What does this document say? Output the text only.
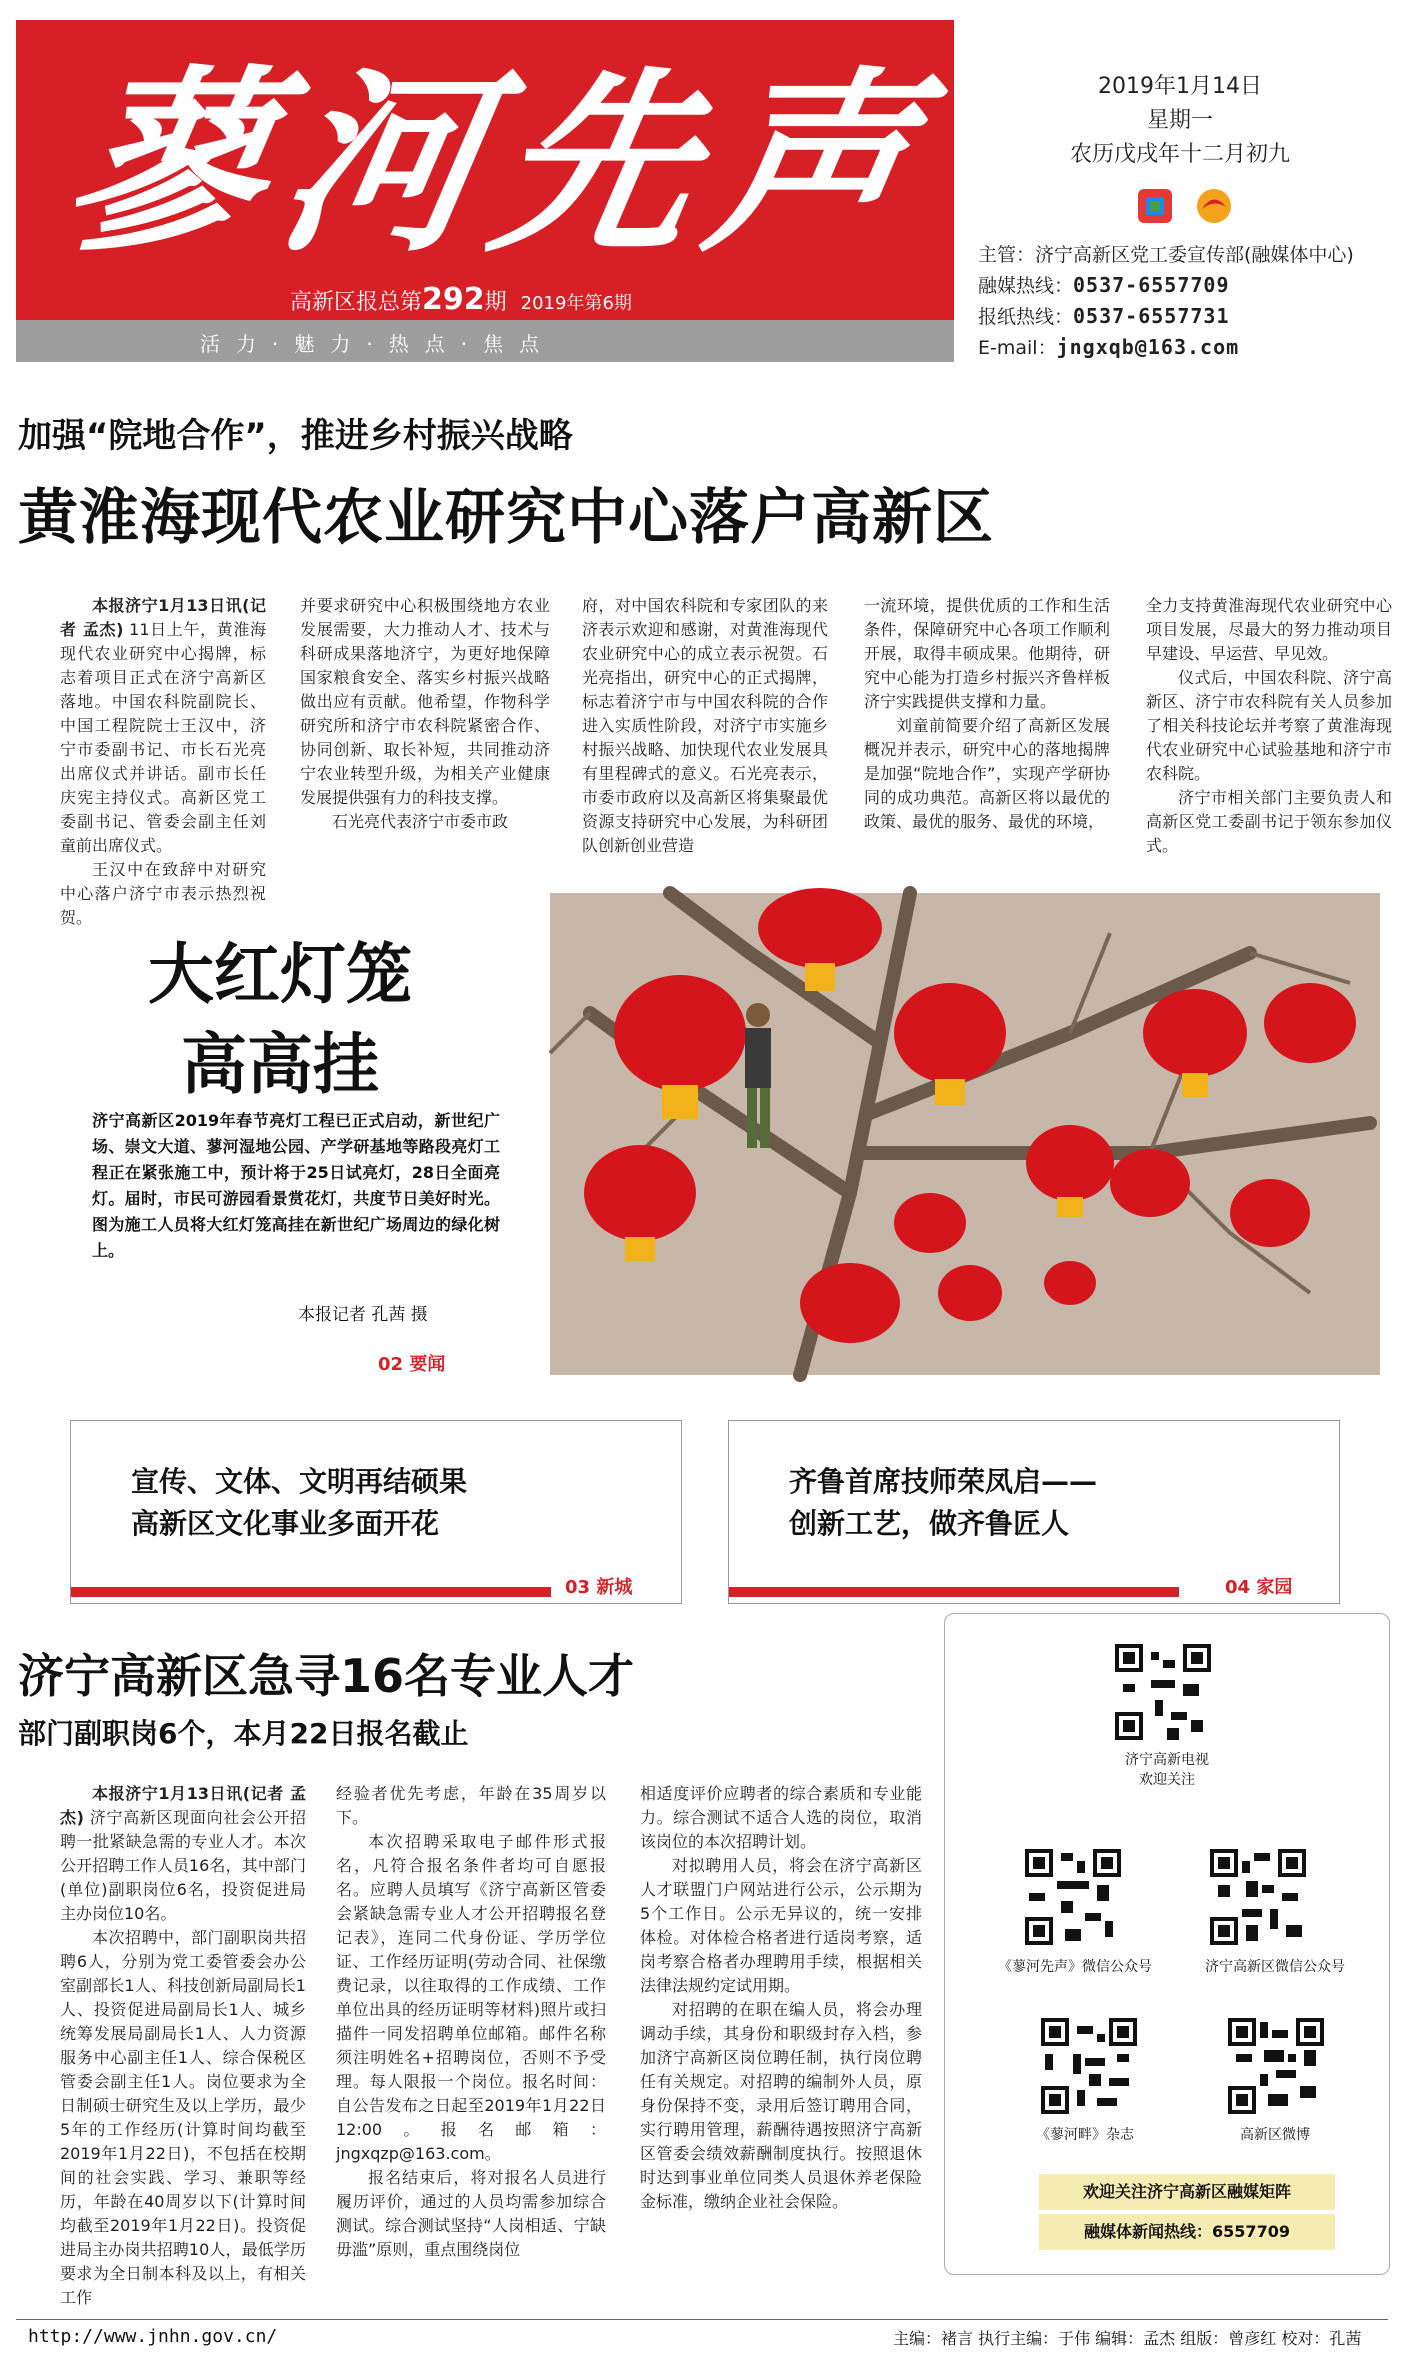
蓼河先声
高新区报总第292期 2019年第6期
活力·魅力·热点·焦点
2019年1月14日
星期一
农历戊戌年十二月初九
主管：济宁高新区党工委宣传部(融媒体中心)
融媒热线：0537-6557709
报纸热线：0537-6557731
E-mail：jngxqb@163.com
加强“院地合作”，推进乡村振兴战略
黄淮海现代农业研究中心落户高新区

本报济宁1月13日讯(记者 孟杰) 11日上午，黄淮海现代农业研究中心揭牌，标志着项目正式在济宁高新区落地。中国农科院副院长、中国工程院院士王汉中，济宁市委副书记、市长石光亮出席仪式并讲话。副市长任庆宪主持仪式。高新区党工委副书记、管委会副主任刘童前出席仪式。

王汉中在致辞中对研究中心落户济宁市表示热烈祝贺。

并要求研究中心积极围绕地方农业发展需要，大力推动人才、技术与科研成果落地济宁，为更好地保障国家粮食安全、落实乡村振兴战略做出应有贡献。他希望，作物科学研究所和济宁市农科院紧密合作、协同创新、取长补短，共同推动济宁农业转型升级，为相关产业健康发展提供强有力的科技支撑。

石光亮代表济宁市委市政

府，对中国农科院和专家团队的来济表示欢迎和感谢，对黄淮海现代农业研究中心的成立表示祝贺。石光亮指出，研究中心的正式揭牌，标志着济宁市与中国农科院的合作进入实质性阶段，对济宁市实施乡村振兴战略、加快现代农业发展具有里程碑式的意义。石光亮表示，市委市政府以及高新区将集聚最优资源支持研究中心发展，为科研团队创新创业营造

一流环境，提供优质的工作和生活条件，保障研究中心各项工作顺利开展，取得丰硕成果。他期待，研究中心能为打造乡村振兴齐鲁样板济宁实践提供支撑和力量。

刘童前简要介绍了高新区发展概况并表示，研究中心的落地揭牌是加强“院地合作”，实现产学研协同的成功典范。高新区将以最优的政策、最优的服务、最优的环境，

全力支持黄淮海现代农业研究中心项目发展，尽最大的努力推动项目早建设、早运营、早见效。

仪式后，中国农科院、济宁高新区、济宁市农科院有关人员参加了相关科技论坛并考察了黄淮海现代农业研究中心试验基地和济宁市农科院。

济宁市相关部门主要负责人和高新区党工委副书记于领东参加仪式。

大红灯笼
高高挂
济宁高新区2019年春节亮灯工程已正式启动，新世纪广场、崇文大道、蓼河湿地公园、产学研基地等路段亮灯工程正在紧张施工中，预计将于25日试亮灯，28日全面亮灯。届时，市民可游园看景赏花灯，共度节日美好时光。图为施工人员将大红灯笼高挂在新世纪广场周边的绿化树上。
本报记者 孔茜 摄
02 要闻
宣传、文体、文明再结硕果
高新区文化事业多面开花
03 新城
齐鲁首席技师荣凤启——
创新工艺，做齐鲁匠人
04 家园
济宁高新区急寻16名专业人才
部门副职岗6个，本月22日报名截止

本报济宁1月13日讯(记者 孟杰) 济宁高新区现面向社会公开招聘一批紧缺急需的专业人才。本次公开招聘工作人员16名，其中部门(单位)副职岗位6名，投资促进局主办岗位10名。

本次招聘中，部门副职岗共招聘6人，分别为党工委管委会办公室副部长1人、科技创新局副局长1人、投资促进局副局长1人、城乡统筹发展局副局长1人、人力资源服务中心副主任1人、综合保税区管委会副主任1人。岗位要求为全日制硕士研究生及以上学历，最少5年的工作经历(计算时间均截至2019年1月22日)，不包括在校期间的社会实践、学习、兼职等经历，年龄在40周岁以下(计算时间均截至2019年1月22日)。投资促进局主办岗共招聘10人，最低学历要求为全日制本科及以上，有相关工作

经验者优先考虑，年龄在35周岁以下。

本次招聘采取电子邮件形式报名，凡符合报名条件者均可自愿报名。应聘人员填写《济宁高新区管委会紧缺急需专业人才公开招聘报名登记表》，连同二代身份证、学历学位证、工作经历证明(劳动合同、社保缴费记录，以往取得的工作成绩、工作单位出具的经历证明等材料)照片或扫描件一同发招聘单位邮箱。邮件名称须注明姓名+招聘岗位，否则不予受理。每人限报一个岗位。报名时间：自公告发布之日起至2019年1月22日12:00。报名邮箱：jngxqzp@163.com。

报名结束后，将对报名人员进行履历评价，通过的人员均需参加综合测试。综合测试坚持“人岗相适、宁缺毋滥”原则，重点围绕岗位

相适度评价应聘者的综合素质和专业能力。综合测试不适合人选的岗位，取消该岗位的本次招聘计划。

对拟聘用人员，将会在济宁高新区人才联盟门户网站进行公示，公示期为5个工作日。公示无异议的，统一安排体检。对体检合格者进行适岗考察，适岗考察合格者办理聘用手续，根据相关法律法规约定试用期。

对招聘的在职在编人员，将会办理调动手续，其身份和职级封存入档，参加济宁高新区岗位聘任制，执行岗位聘任有关规定。对招聘的编制外人员，原身份保持不变，录用后签订聘用合同，实行聘用管理，薪酬待遇按照济宁高新区管委会绩效薪酬制度执行。按照退休时达到事业单位同类人员退休养老保险金标准，缴纳企业社会保险。

济宁高新电视
欢迎关注
《蓼河先声》微信公众号	济宁高新区微信公众号
《蓼河畔》杂志	高新区微博
欢迎关注济宁高新区融媒矩阵
融媒体新闻热线：6557709
http://www.jnhn.gov.cn/	主编：褚言 执行主编：于伟 编辑：孟杰 组版：曾彦红 校对：孔茜
